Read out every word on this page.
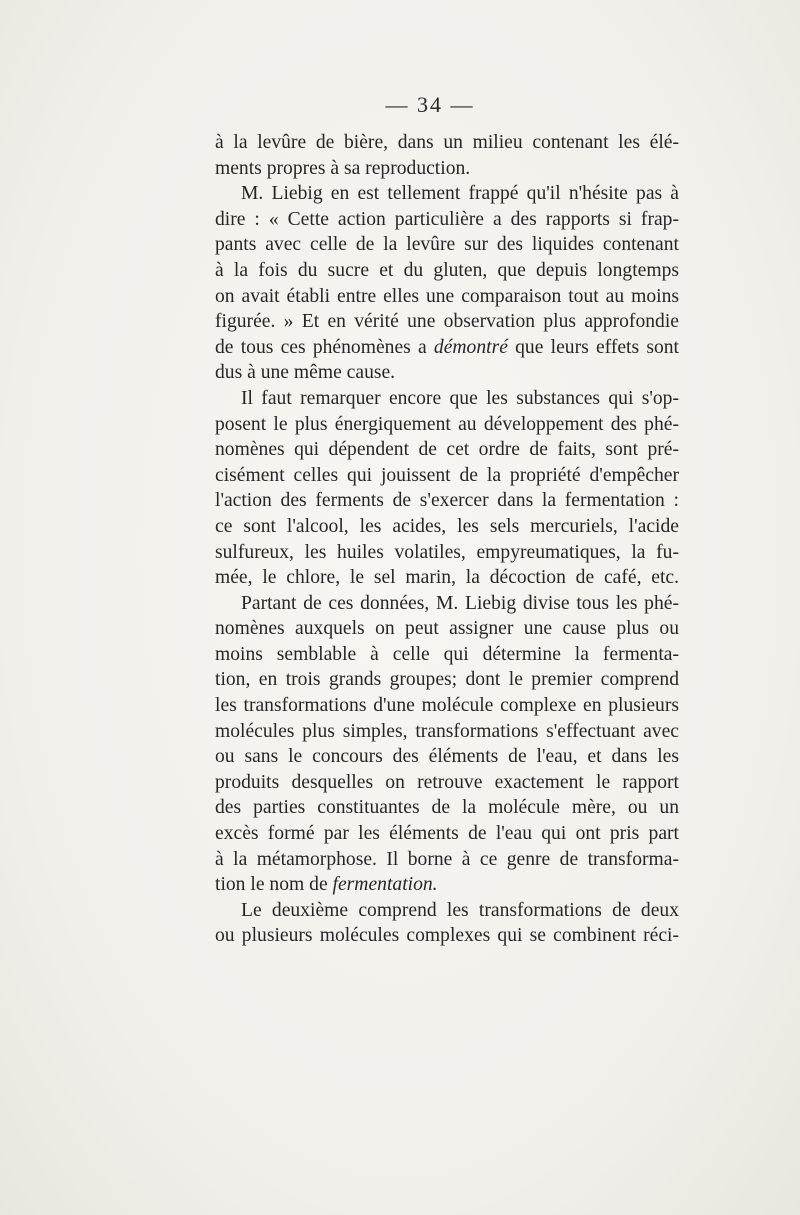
— 34 —

à la levûre de bière, dans un milieu contenant les élé-
ments propres à sa reproduction.

M. Liebig en est tellement frappé qu'il n'hésite pas à
dire : « Cette action particulière a des rapports si frap-
pants avec celle de la levûre sur des liquides contenant
à la fois du sucre et du gluten, que depuis longtemps
on avait établi entre elles une comparaison tout au moins
figurée. » Et en vérité une observation plus approfondie
de tous ces phénomènes a démontré que leurs effets sont
dus à une même cause.

Il faut remarquer encore que les substances qui s'op-
posent le plus énergiquement au développement des phé-
nomènes qui dépendent de cet ordre de faits, sont pré-
cisément celles qui jouissent de la propriété d'empêcher
l'action des ferments de s'exercer dans la fermentation :
ce sont l'alcool, les acides, les sels mercuriels, l'acide
sulfureux, les huiles volatiles, empyreumatiques, la fu-
mée, le chlore, le sel marin, la décoction de café, etc.

Partant de ces données, M. Liebig divise tous les phé-
nomènes auxquels on peut assigner une cause plus ou
moins semblable à celle qui détermine la fermenta-
tion, en trois grands groupes; dont le premier comprend
les transformations d'une molécule complexe en plusieurs
molécules plus simples, transformations s'effectuant avec
ou sans le concours des éléments de l'eau, et dans les
produits desquelles on retrouve exactement le rapport
des parties constituantes de la molécule mère, ou un
excès formé par les éléments de l'eau qui ont pris part
à la métamorphose. Il borne à ce genre de transforma-
tion le nom de fermentation.

Le deuxième comprend les transformations de deux
ou plusieurs molécules complexes qui se combinent réci-
